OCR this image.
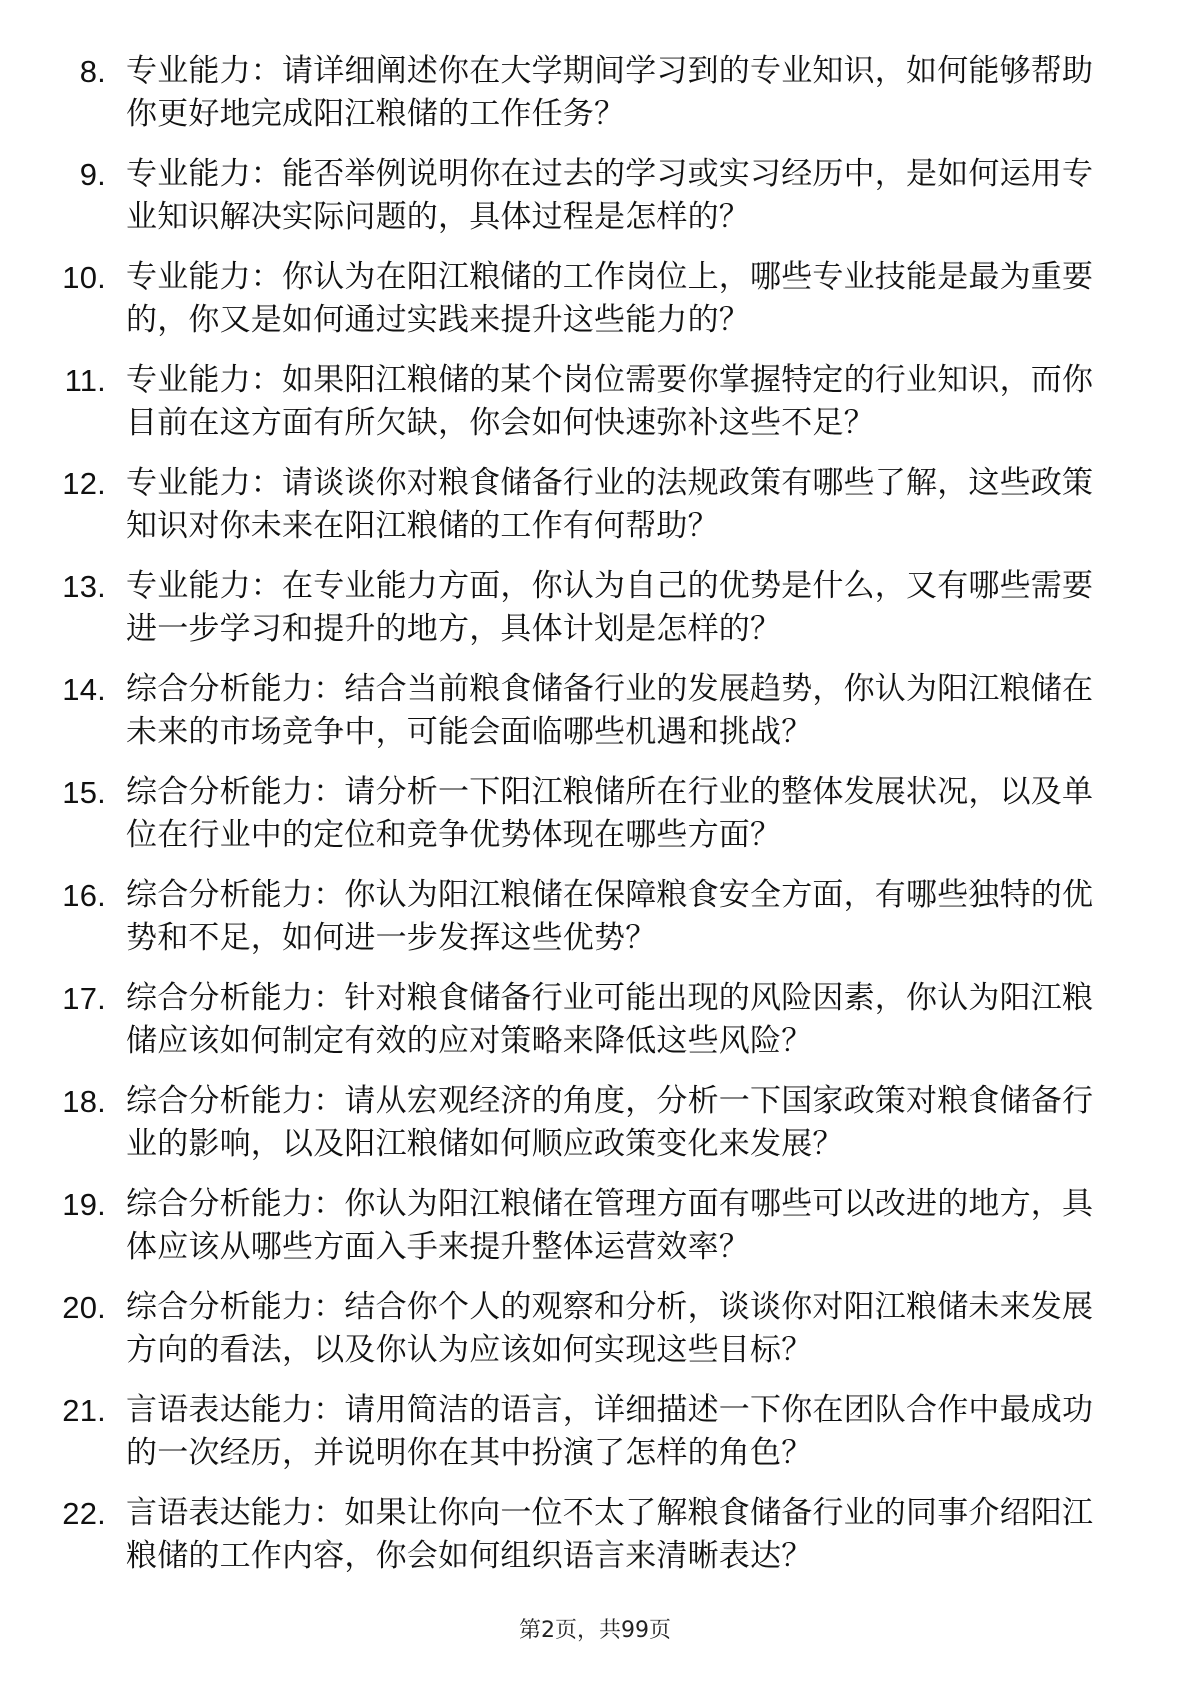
8. 专业能力：请详细阐述你在大学期间学习到的专业知识，如何能够帮助你更好地完成阳江粮储的工作任务？
9. 专业能力：能否举例说明你在过去的学习或实习经历中，是如何运用专业知识解决实际问题的，具体过程是怎样的？
10. 专业能力：你认为在阳江粮储的工作岗位上，哪些专业技能是最为重要的，你又是如何通过实践来提升这些能力的？
11. 专业能力：如果阳江粮储的某个岗位需要你掌握特定的行业知识，而你目前在这方面有所欠缺，你会如何快速弥补这些不足？
12. 专业能力：请谈谈你对粮食储备行业的法规政策有哪些了解，这些政策知识对你未来在阳江粮储的工作有何帮助？
13. 专业能力：在专业能力方面，你认为自己的优势是什么，又有哪些需要进一步学习和提升的地方，具体计划是怎样的？
14. 综合分析能力：结合当前粮食储备行业的发展趋势，你认为阳江粮储在未来的市场竞争中，可能会面临哪些机遇和挑战？
15. 综合分析能力：请分析一下阳江粮储所在行业的整体发展状况，以及单位在行业中的定位和竞争优势体现在哪些方面？
16. 综合分析能力：你认为阳江粮储在保障粮食安全方面，有哪些独特的优势和不足，如何进一步发挥这些优势？
17. 综合分析能力：针对粮食储备行业可能出现的风险因素，你认为阳江粮储应该如何制定有效的应对策略来降低这些风险？
18. 综合分析能力：请从宏观经济的角度，分析一下国家政策对粮食储备行业的影响，以及阳江粮储如何顺应政策变化来发展？
19. 综合分析能力：你认为阳江粮储在管理方面有哪些可以改进的地方，具体应该从哪些方面入手来提升整体运营效率？
20. 综合分析能力：结合你个人的观察和分析，谈谈你对阳江粮储未来发展方向的看法，以及你认为应该如何实现这些目标？
21. 言语表达能力：请用简洁的语言，详细描述一下你在团队合作中最成功的一次经历，并说明你在其中扮演了怎样的角色？
22. 言语表达能力：如果让你向一位不太了解粮食储备行业的同事介绍阳江粮储的工作内容，你会如何组织语言来清晰表达？
第2页，共99页
